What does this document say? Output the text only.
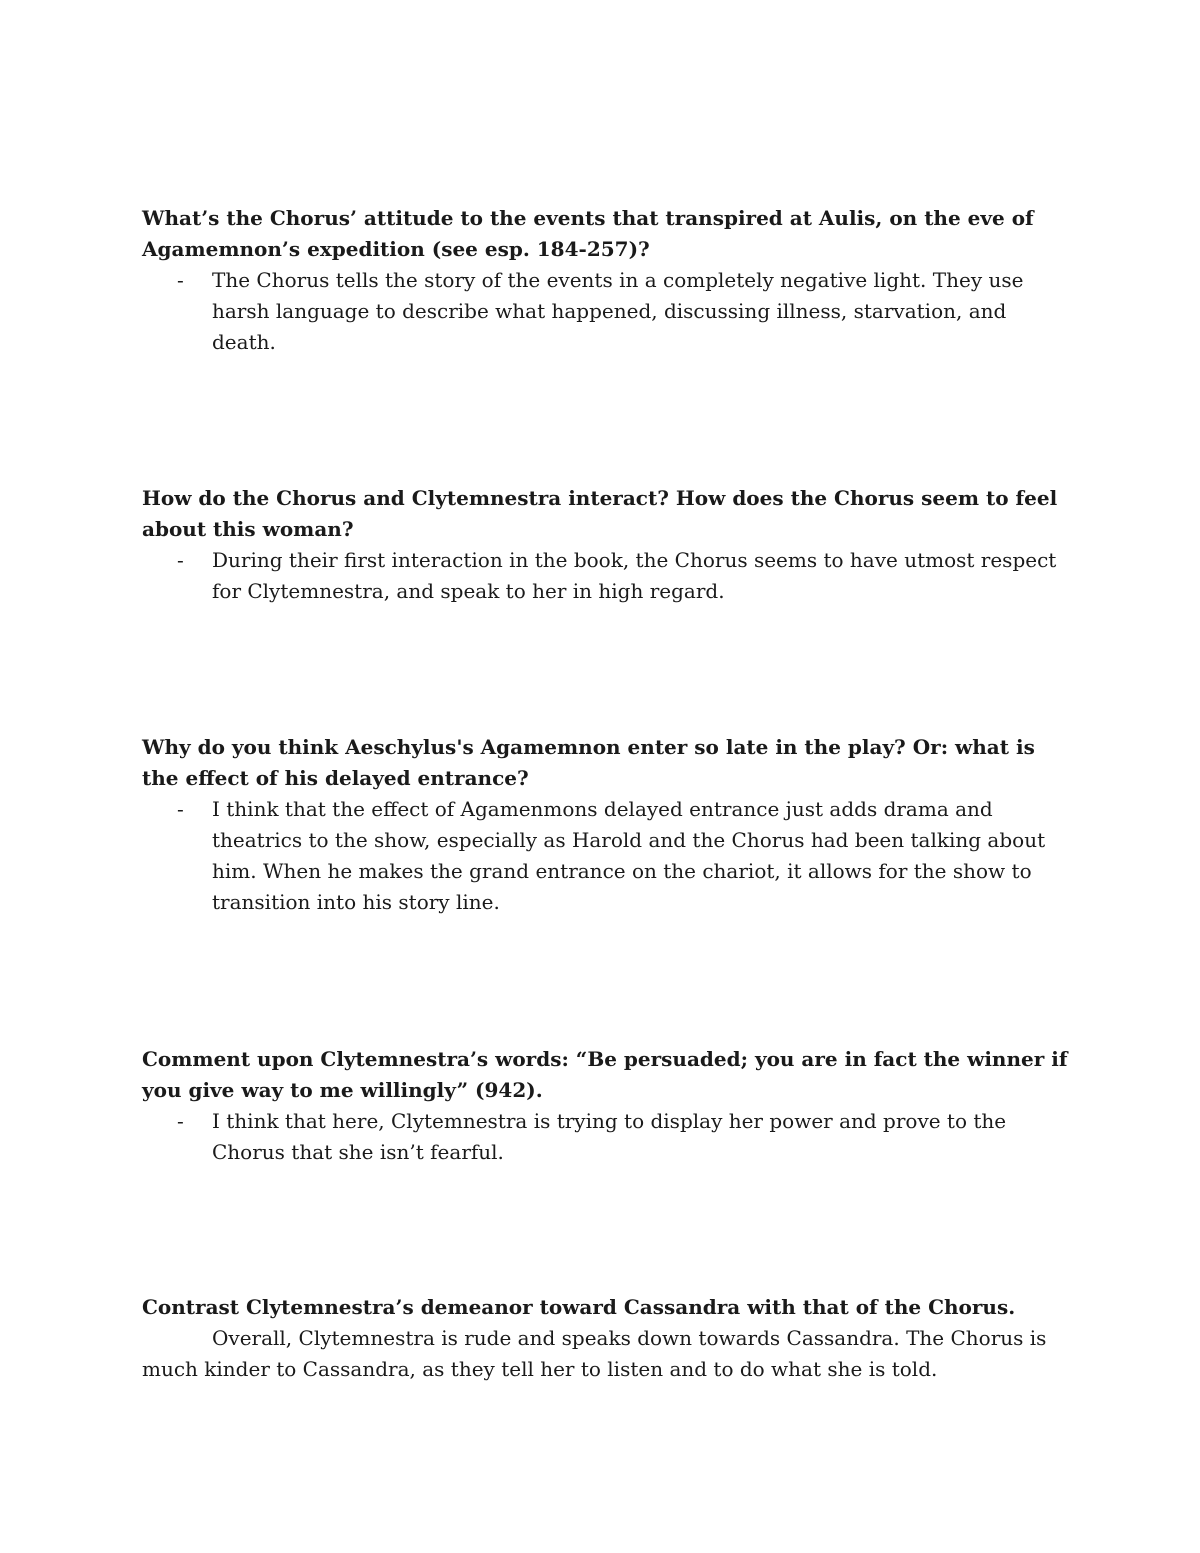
What’s the Chorus’ attitude to the events that transpired at Aulis, on the eve of Agamemnon’s expedition (see esp. 184-257)?

- The Chorus tells the story of the events in a completely negative light. They use harsh language to describe what happened, discussing illness, starvation, and death.

How do the Chorus and Clytemnestra interact? How does the Chorus seem to feel about this woman?

- During their first interaction in the book, the Chorus seems to have utmost respect for Clytemnestra, and speak to her in high regard.

Why do you think Aeschylus's Agamemnon enter so late in the play? Or: what is the effect of his delayed entrance?

- I think that the effect of Agamenmons delayed entrance just adds drama and theatrics to the show, especially as Harold and the Chorus had been talking about him. When he makes the grand entrance on the chariot, it allows for the show to transition into his story line.

Comment upon Clytemnestra’s words: “Be persuaded; you are in fact the winner if you give way to me willingly” (942).

- I think that here, Clytemnestra is trying to display her power and prove to the Chorus that she isn’t fearful.

Contrast Clytemnestra’s demeanor toward Cassandra with that of the Chorus.

Overall, Clytemnestra is rude and speaks down towards Cassandra. The Chorus is much kinder to Cassandra, as they tell her to listen and to do what she is told.
